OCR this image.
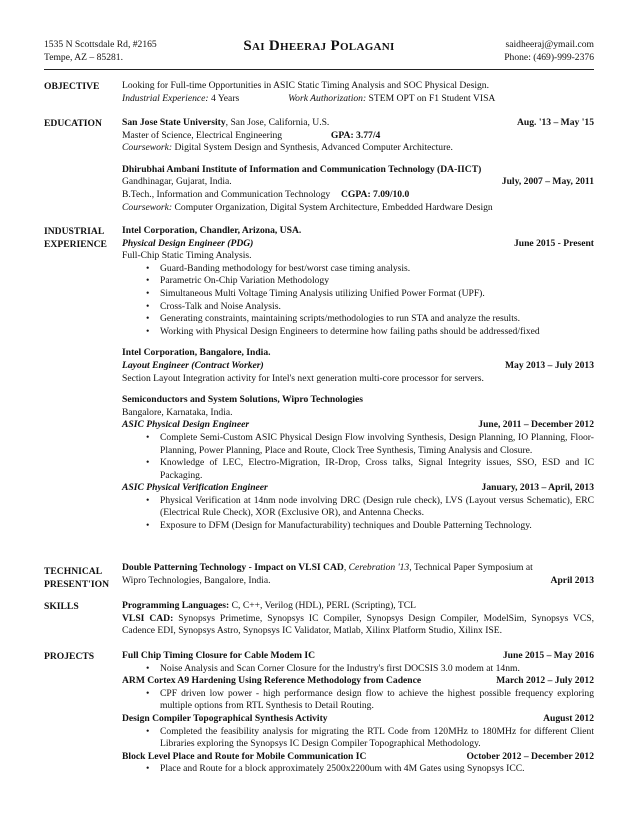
1535 N Scottsdale Rd, #2165
Tempe, AZ – 85281.
Sai Dheeraj Polagani	saidheeraj@ymail.com
Phone: (469)-999-2376
OBJECTIVE	Looking for Full-time Opportunities in ASIC Static Timing Analysis and SOC Physical Design.
Industrial Experience: 4 Years	Work Authorization: STEM OPT on F1 Student VISA
EDUCATION	San Jose State University, San Jose, California, U.S.	Aug. '13 – May '15
Master of Science, Electrical Engineering	GPA: 3.77/4
Coursework: Digital System Design and Synthesis, Advanced Computer Architecture.
Dhirubhai Ambani Institute of Information and Communication Technology (DA-IICT)
Gandhinagar, Gujarat, India.	July, 2007 – May, 2011
B.Tech., Information and Communication Technology CGPA: 7.09/10.0
Coursework: Computer Organization, Digital System Architecture, Embedded Hardware Design
INDUSTRIAL
EXPERIENCE
Intel Corporation, Chandler, Arizona, USA.
Physical Design Engineer (PDG)	June 2015 - Present
Full-Chip Static Timing Analysis.
• Guard-Banding methodology for best/worst case timing analysis.
• Parametric On-Chip Variation Methodology
• Simultaneous Multi Voltage Timing Analysis utilizing Unified Power Format (UPF).
• Cross-Talk and Noise Analysis.
• Generating constraints, maintaining scripts/methodologies to run STA and analyze the results.
• Working with Physical Design Engineers to determine how failing paths should be addressed/fixed
Intel Corporation, Bangalore, India.
Layout Engineer (Contract Worker)	May 2013 – July 2013
Section Layout Integration activity for Intel's next generation multi-core processor for servers.
Semiconductors and System Solutions, Wipro Technologies
Bangalore, Karnataka, India.
ASIC Physical Design Engineer	June, 2011 – December 2012
• Complete Semi-Custom ASIC Physical Design Flow involving Synthesis, Design Planning, IO Planning, Floor-Planning, Power Planning, Place and Route, Clock Tree Synthesis, Timing Analysis and Closure.
• Knowledge of LEC, Electro-Migration, IR-Drop, Cross talks, Signal Integrity issues, SSO, ESD and IC Packaging.
ASIC Physical Verification Engineer	January, 2013 – April, 2013
• Physical Verification at 14nm node involving DRC (Design rule check), LVS (Layout versus Schematic), ERC (Electrical Rule Check), XOR (Exclusive OR), and Antenna Checks.
• Exposure to DFM (Design for Manufacturability) techniques and Double Patterning Technology.
TECHNICAL
PRESENT'ION
Double Patterning Technology - Impact on VLSI CAD, Cerebration '13, Technical Paper Symposium at
Wipro Technologies, Bangalore, India.	April 2013
SKILLS	Programming Languages: C, C++, Verilog (HDL), PERL (Scripting), TCL
VLSI CAD: Synopsys Primetime, Synopsys IC Compiler, Synopsys Design Compiler, ModelSim, Synopsys VCS, Cadence EDI, Synopsys Astro, Synopsys IC Validator, Matlab, Xilinx Platform Studio, Xilinx ISE.
PROJECTS	Full Chip Timing Closure for Cable Modem IC	June 2015 – May 2016
• Noise Analysis and Scan Corner Closure for the Industry's first DOCSIS 3.0 modem at 14nm.
ARM Cortex A9 Hardening Using Reference Methodology from Cadence	March 2012 – July 2012
• CPF driven low power - high performance design flow to achieve the highest possible frequency exploring multiple options from RTL Synthesis to Detail Routing.
Design Compiler Topographical Synthesis Activity	August 2012
• Completed the feasibility analysis for migrating the RTL Code from 120MHz to 180MHz for different Client Libraries exploring the Synopsys IC Design Compiler Topographical Methodology.
Block Level Place and Route for Mobile Communication IC	October 2012 – December 2012
• Place and Route for a block approximately 2500x2200um with 4M Gates using Synopsys ICC.
